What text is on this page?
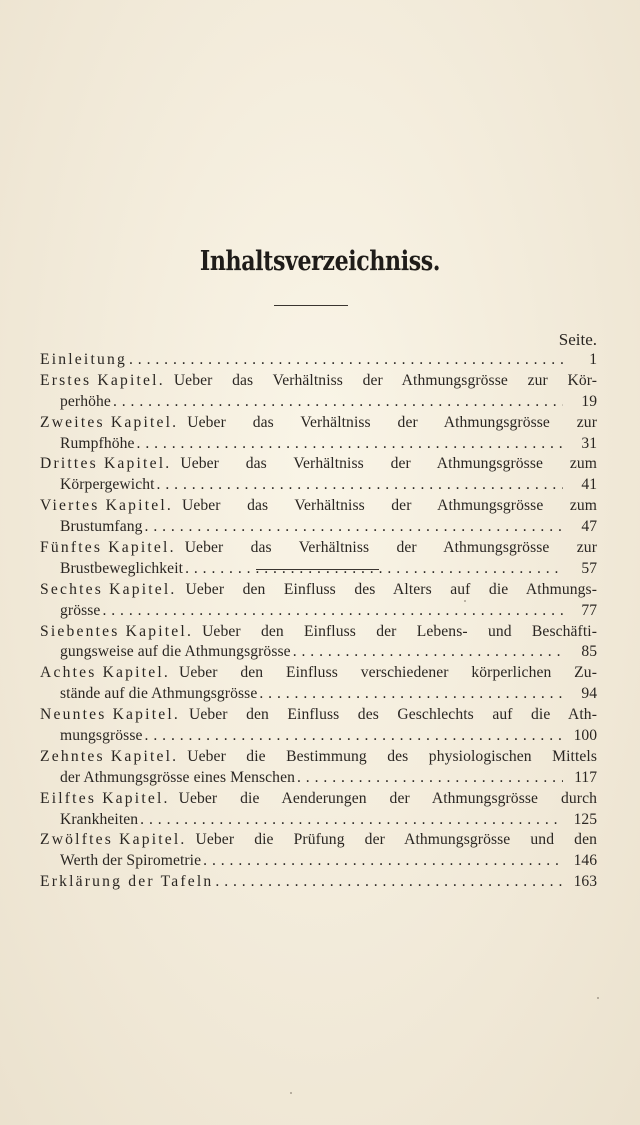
Inhaltsverzeichniss.
Seite.
Einleitung . . .	1
Erstes Kapitel. Ueber das Verhältniss der Athmungsgrösse zur Kör-
perhöhe . . .	19
Zweites Kapitel. Ueber das Verhältniss der Athmungsgrösse zur
Rumpfhöhe . . .	31
Drittes Kapitel. Ueber das Verhältniss der Athmungsgrösse zum
Körpergewicht . . .	41
Viertes Kapitel. Ueber das Verhältniss der Athmungsgrösse zum
Brustumfang . . .	47
Fünftes Kapitel. Ueber das Verhältniss der Athmungsgrösse zur
Brustbeweglichkeit . . .	57
Sechtes Kapitel. Ueber den Einfluss des Alters auf die Athmungs-
grösse . . .	77
Siebentes Kapitel. Ueber den Einfluss der Lebens- und Beschäfti-
gungsweise auf die Athmungsgrösse . . .	85
Achtes Kapitel. Ueber den Einfluss verschiedener körperlichen Zu-
stände auf die Athmungsgrösse . . .	94
Neuntes Kapitel. Ueber den Einfluss des Geschlechts auf die Ath-
mungsgrösse . . .	100
Zehntes Kapitel. Ueber die Bestimmung des physiologischen Mittels
der Athmungsgrösse eines Menschen . . .	117
Eilftes Kapitel. Ueber die Aenderungen der Athmungsgrösse durch
Krankheiten . . .	125
Zwölftes Kapitel. Ueber die Prüfung der Athmungsgrösse und den
Werth der Spirometrie . . .	146
Erklärung der Tafeln . . .	163
